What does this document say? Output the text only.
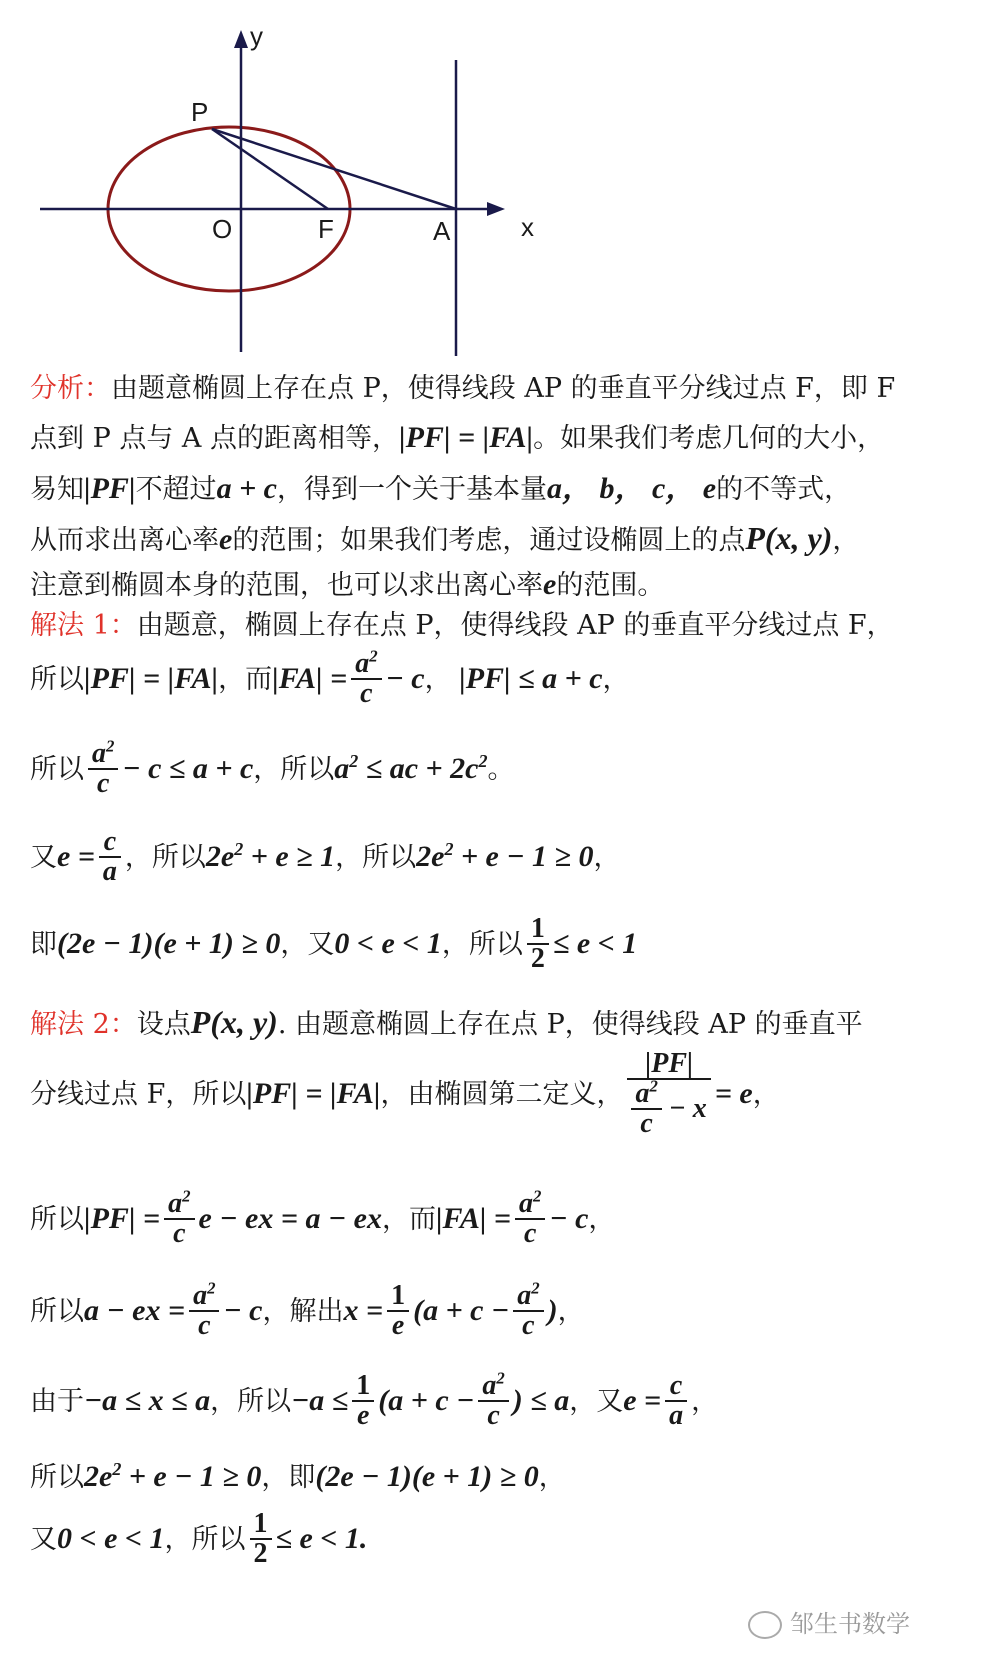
y
P
O	F	A	x
分析：由题意椭圆上存在点 P，使得线段 AP 的垂直平分线过点 F，即 F
点到 P 点与 A 点的距离相等，|PF| = |FA|。如果我们考虑几何的大小，
易知|PF|不超过a + c，得到一个关于基本量a， b， c， e的不等式，
从而求出离心率e的范围；如果我们考虑，通过设椭圆上的点P(x, y)，
注意到椭圆本身的范围，也可以求出离心率e的范围。
解法 1：由题意，椭圆上存在点 P，使得线段 AP 的垂直平分线过点 F，
所以 |PF| = |FA| ，而 $|FA| = \frac{a^2}{c} - c$ ， |PF| ≤ a + c ，
所以 $\frac{a^2}{c} - c \le a + c$ ，所以 $a^2$ ≤ ac + $2c^2$ 。
又 $e = \frac{c}{a}$ ，所以 $2e^2 + e \ge 1$ ，所以 $2e^2 + e - 1 \ge 0$ ，
即 (2e − 1)(e + 1) ≥ 0 ，又 0 < e < 1 ，所以 $\frac{1}{2} \le e < 1$
解法 2：设点P(x, y). 由题意椭圆上存在点 P，使得线段 AP 的垂直平
分线过点 F，所以 |PF| = |FA| ，由椭圆第二定义， $\frac{|PF|}{\frac{a^2}{c} - x} = e$ ，
所以 $|PF| = \frac{a^2}{c}$ e − ex = a − ex ，而 $|FA| = \frac{a^2}{c} - c$ ，
所以 a − ex = $\frac{a^2}{c} - c$ ，解出 $x = \frac{1}{e} (a + c - \frac{a^2}{c}$ ) ，
由于 −a ≤ x ≤ a ，所以 $-a \le \frac{1}{e} (a + c - \frac{a^2}{c}$ ) ≤ a ，又 $e = \frac{c}{a}$ ，
所以$2e^2 + e - 1 \ge 0$，即(2e − 1)(e + 1) ≥ 0，
又 0 < e < 1 ，所以 $\frac{1}{2} \le e < 1$.
邹生书数学
